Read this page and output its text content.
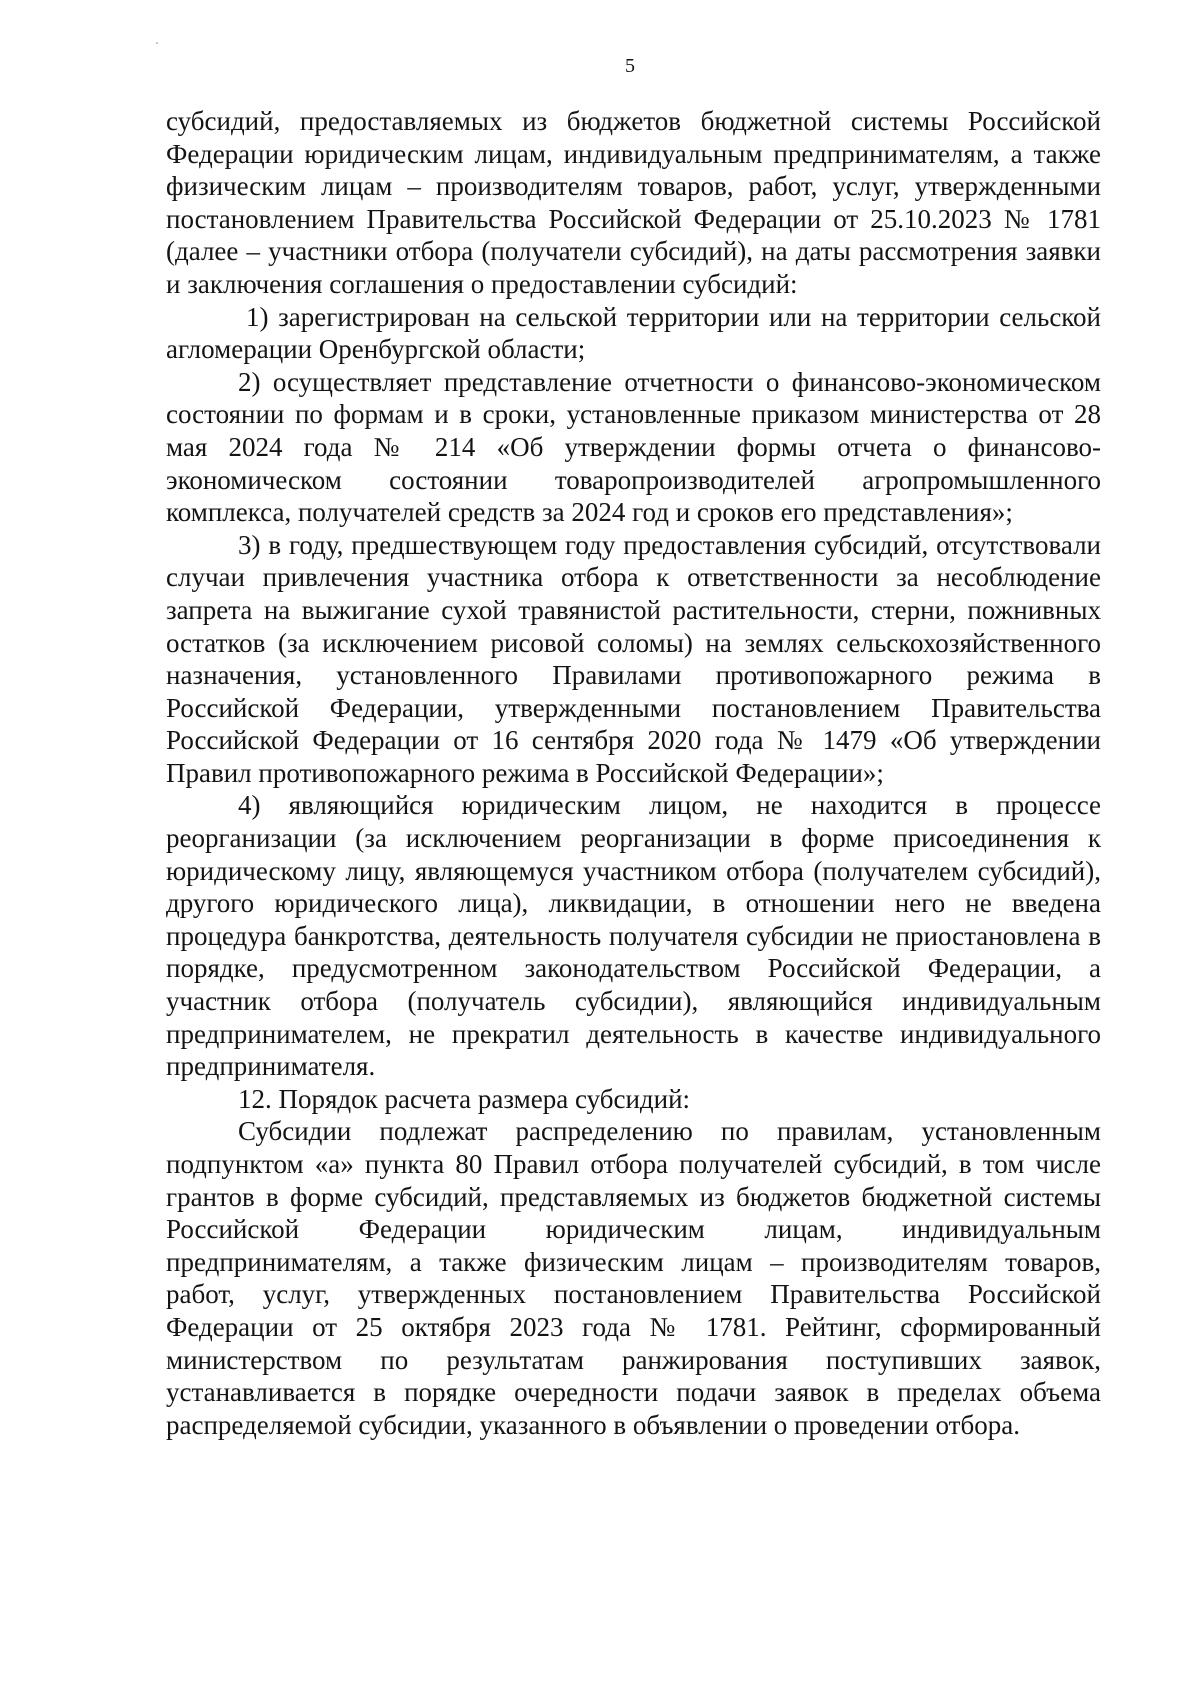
5

субсидий, предоставляемых из бюджетов бюджетной системы Российской Федерации юридическим лицам, индивидуальным предпринимателям, а также физическим лицам – производителям товаров, работ, услуг, утвержденными постановлением Правительства Российской Федерации от 25.10.2023 № 1781 (далее – участники отбора (получатели субсидий), на даты рассмотрения заявки и заключения соглашения о предоставлении субсидий:

1) зарегистрирован на сельской территории или на территории сельской агломерации Оренбургской области;

2) осуществляет представление отчетности о финансово-экономическом состоянии по формам и в сроки, установленные приказом министерства от 28 мая 2024 года № 214 «Об утверждении формы отчета о финансово-экономическом состоянии товаропроизводителей агропромышленного комплекса, получателей средств за 2024 год и сроков его представления»;

3) в году, предшествующем году предоставления субсидий, отсутствовали случаи привлечения участника отбора к ответственности за несоблюдение запрета на выжигание сухой травянистой растительности, стерни, пожнивных остатков (за исключением рисовой соломы) на землях сельскохозяйственного назначения, установленного Правилами противопожарного режима в Российской Федерации, утвержденными постановлением Правительства Российской Федерации от 16 сентября 2020 года № 1479 «Об утверждении Правил противопожарного режима в Российской Федерации»;

4) являющийся юридическим лицом, не находится в процессе реорганизации (за исключением реорганизации в форме присоединения к юридическому лицу, являющемуся участником отбора (получателем субсидий), другого юридического лица), ликвидации, в отношении него не введена процедура банкротства, деятельность получателя субсидии не приостановлена в порядке, предусмотренном законодательством Российской Федерации, а участник отбора (получатель субсидии), являющийся индивидуальным предпринимателем, не прекратил деятельность в качестве индивидуального предпринимателя.

12. Порядок расчета размера субсидий:

Субсидии подлежат распределению по правилам, установленным подпунктом «а» пункта 80 Правил отбора получателей субсидий, в том числе грантов в форме субсидий, представляемых из бюджетов бюджетной системы Российской Федерации юридическим лицам, индивидуальным предпринимателям, а также физическим лицам – производителям товаров, работ, услуг, утвержденных постановлением Правительства Российской Федерации от 25 октября 2023 года № 1781. Рейтинг, сформированный министерством по результатам ранжирования поступивших заявок, устанавливается в порядке очередности подачи заявок в пределах объема распределяемой субсидии, указанного в объявлении о проведении отбора.
